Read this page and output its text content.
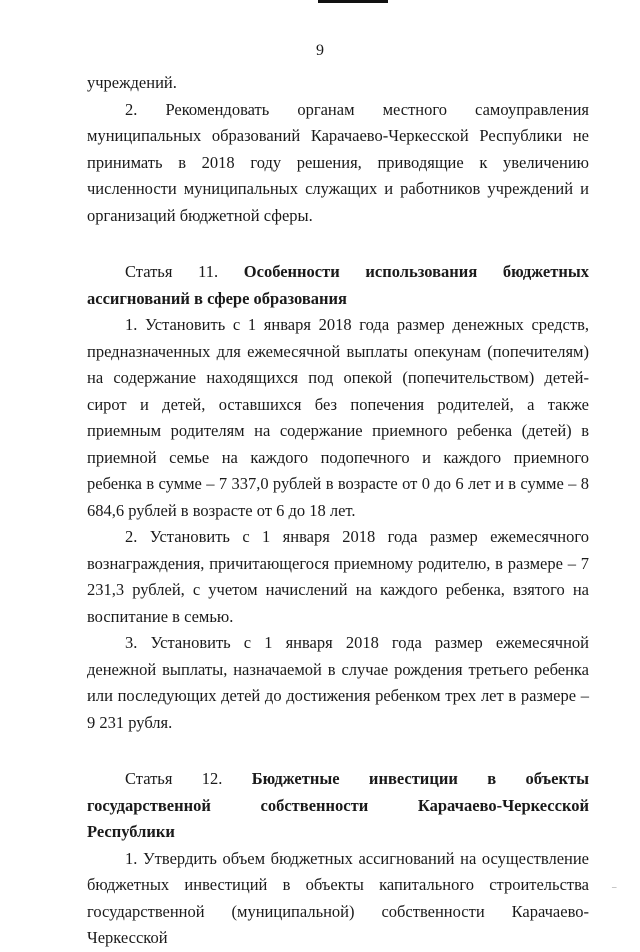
9

учреждений.

2. Рекомендовать органам местного самоуправления муниципальных образований Карачаево-Черкесской Республики не принимать в 2018 году решения, приводящие к увеличению численности муниципальных служащих и работников учреждений и организаций бюджетной сферы.

Статья 11. Особенности использования бюджетных ассигнований в сфере образования

1. Установить с 1 января 2018 года размер денежных средств, предназначенных для ежемесячной выплаты опекунам (попечителям) на содержание находящихся под опекой (попечительством) детей-сирот и детей, оставшихся без попечения родителей, а также приемным родителям на содержание приемного ребенка (детей) в приемной семье на каждого подопечного и каждого приемного ребенка в сумме – 7 337,0 рублей в возрасте от 0 до 6 лет и в сумме – 8 684,6 рублей в возрасте от 6 до 18 лет.

2. Установить с 1 января 2018 года размер ежемесячного вознаграждения, причитающегося приемному родителю, в размере – 7 231,3 рублей, с учетом начислений на каждого ребенка, взятого на воспитание в семью.

3. Установить с 1 января 2018 года размер ежемесячной денежной выплаты, назначаемой в случае рождения третьего ребенка или последующих детей до достижения ребенком трех лет в размере – 9 231 рубля.

Статья 12. Бюджетные инвестиции в объекты государственной собственности Карачаево-Черкесской Республики

1. Утвердить объем бюджетных ассигнований на осуществление бюджетных инвестиций в объекты капитального строительства государственной (муниципальной) собственности Карачаево-Черкесской

–
